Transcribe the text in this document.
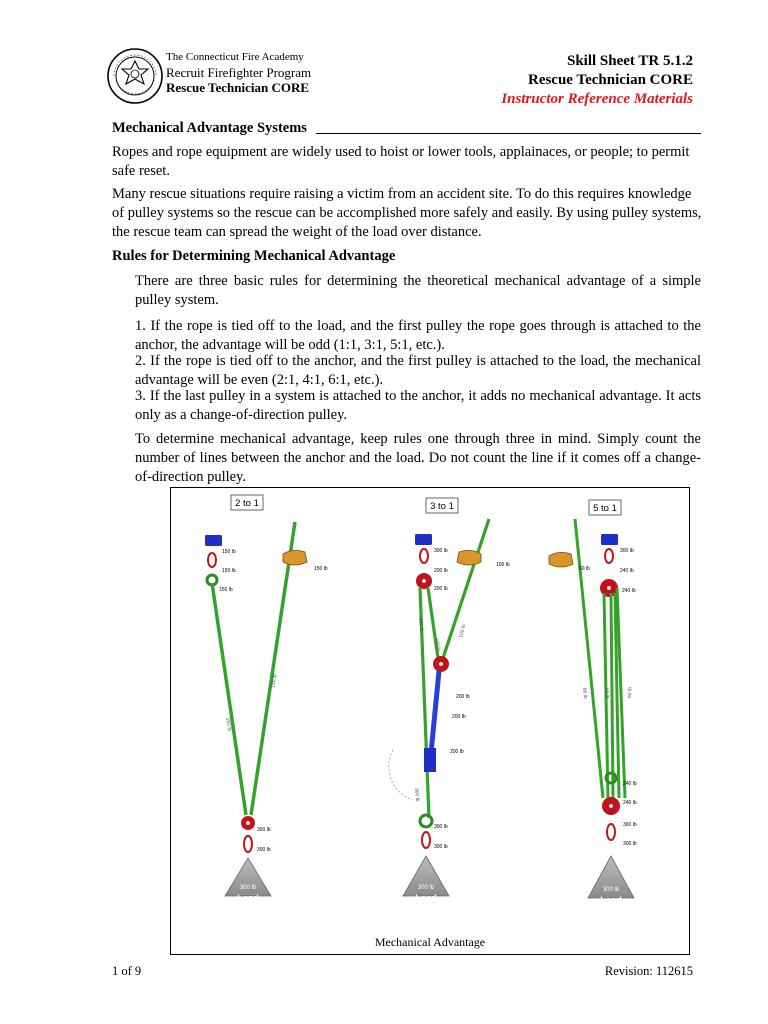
The Connecticut Fire Academy
Recruit Firefighter Program
Rescue Technician CORE
Skill Sheet TR 5.1.2
Rescue Technician CORE
Instructor Reference Materials
Mechanical Advantage Systems
Ropes and rope equipment are widely used to hoist or lower tools, applainaces, or people; to permit safe reset.
Many rescue situations require raising a victim from an accident site. To do this requires knowledge of pulley systems so the rescue can be accomplished more safely and easily. By using pulley systems, the rescue team can spread the weight of the load over distance.
Rules for Determining Mechanical Advantage
There are three basic rules for determining the theoretical mechanical advantage of a simple pulley system.
1. If the rope is tied off to the load, and the first pulley the rope goes through is attached to the anchor, the advantage will be odd (1:1, 3:1, 5:1, etc.).
2. If the rope is tied off to the anchor, and the first pulley is attached to the load, the mechanical advantage will be even (2:1, 4:1, 6:1, etc.).
3. If the last pulley in a system is attached to the anchor, it adds no mechanical advantage. It acts only as a change-of-direction pulley.
To determine mechanical advantage, keep rules one through three in mind. Simply count the number of lines between the anchor and the load. Do not count the line if it comes off a change-of-direction pulley.
2 to 1
300 lb
Load
150 lb
150 lb
150 lb
150 lb
150 lb
150 lb
300 lb
300 lb
3 to 1
300 lb
Load
300 lb
200 lb
200 lb
100 lb
100 lb
100 lb
100 lb
200 lb
200 lb
200 lb
300 lb
300 lb
300 lb
5 to 1
300 lb
Load
300 lb
240 lb
240 lb
60 lb
60 lb	60 lb	60 lb
240 lb
240 lb
300 lb
300 lb
Mechanical Advantage
1 of 9	Revision: 112615
